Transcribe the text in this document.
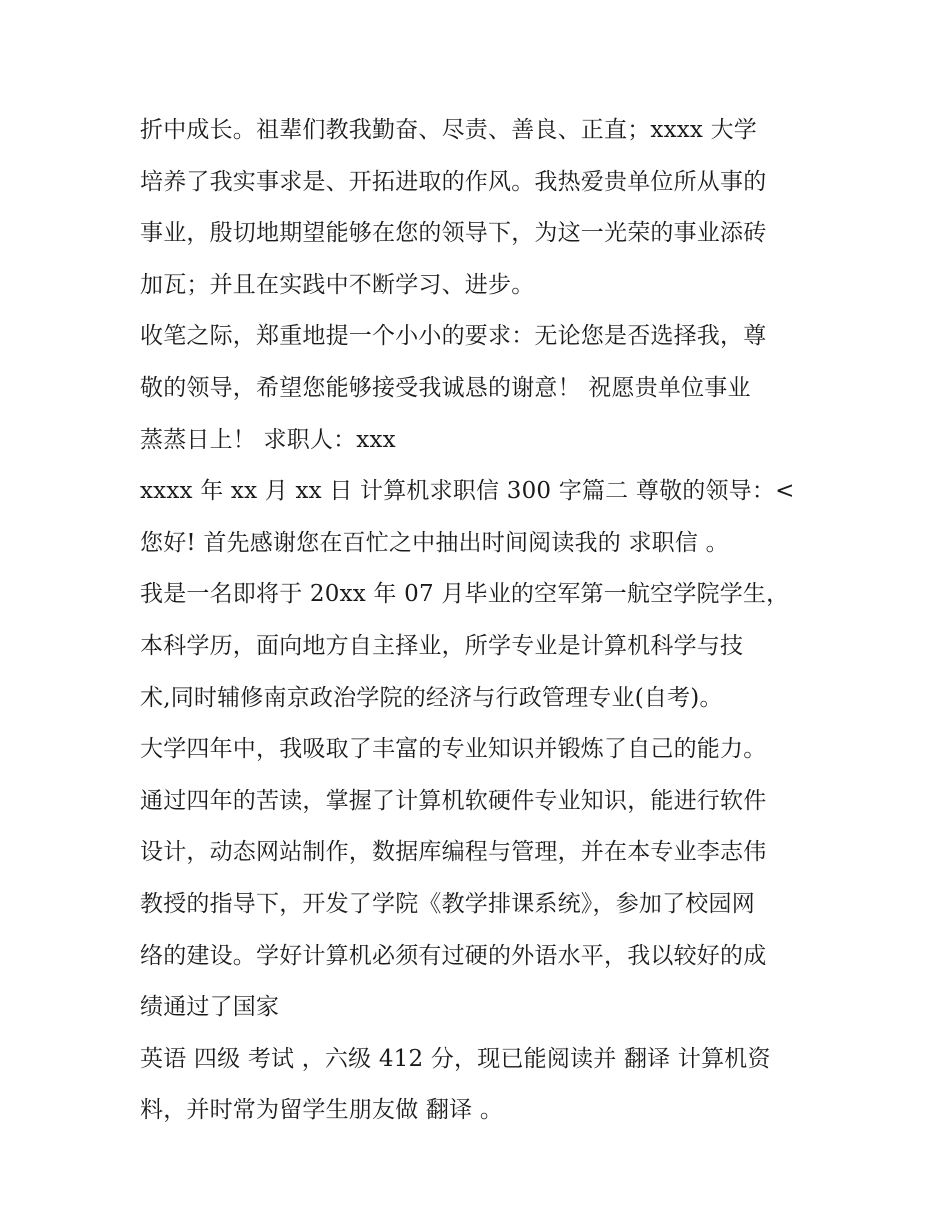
折中成长。祖辈们教我勤奋、尽责、善良、正直；xxxx 大学
培养了我实事求是、开拓进取的作风。我热爱贵单位所从事的
事业，殷切地期望能够在您的领导下，为这一光荣的事业添砖
加瓦；并且在实践中不断学习、进步。
收笔之际，郑重地提一个小小的要求：无论您是否选择我，尊
敬的领导，希望您能够接受我诚恳的谢意！ 祝愿贵单位事业
蒸蒸日上！ 求职人：xxx
xxxx 年 xx 月 xx 日 计算机求职信 300 字篇二 尊敬的领导：<
您好! 首先感谢您在百忙之中抽出时间阅读我的 求职信 。
我是一名即将于 20xx 年 07 月毕业的空军第一航空学院学生，
本科学历，面向地方自主择业，所学专业是计算机科学与技
术,同时辅修南京政治学院的经济与行政管理专业(自考)。
大学四年中，我吸取了丰富的专业知识并锻炼了自己的能力。
通过四年的苦读，掌握了计算机软硬件专业知识，能进行软件
设计，动态网站制作，数据库编程与管理，并在本专业李志伟
教授的指导下，开发了学院《教学排课系统》，参加了校园网
络的建设。学好计算机必须有过硬的外语水平，我以较好的成
绩通过了国家
英语 四级 考试 ，六级 412 分，现已能阅读并 翻译 计算机资
料，并时常为留学生朋友做 翻译 。
